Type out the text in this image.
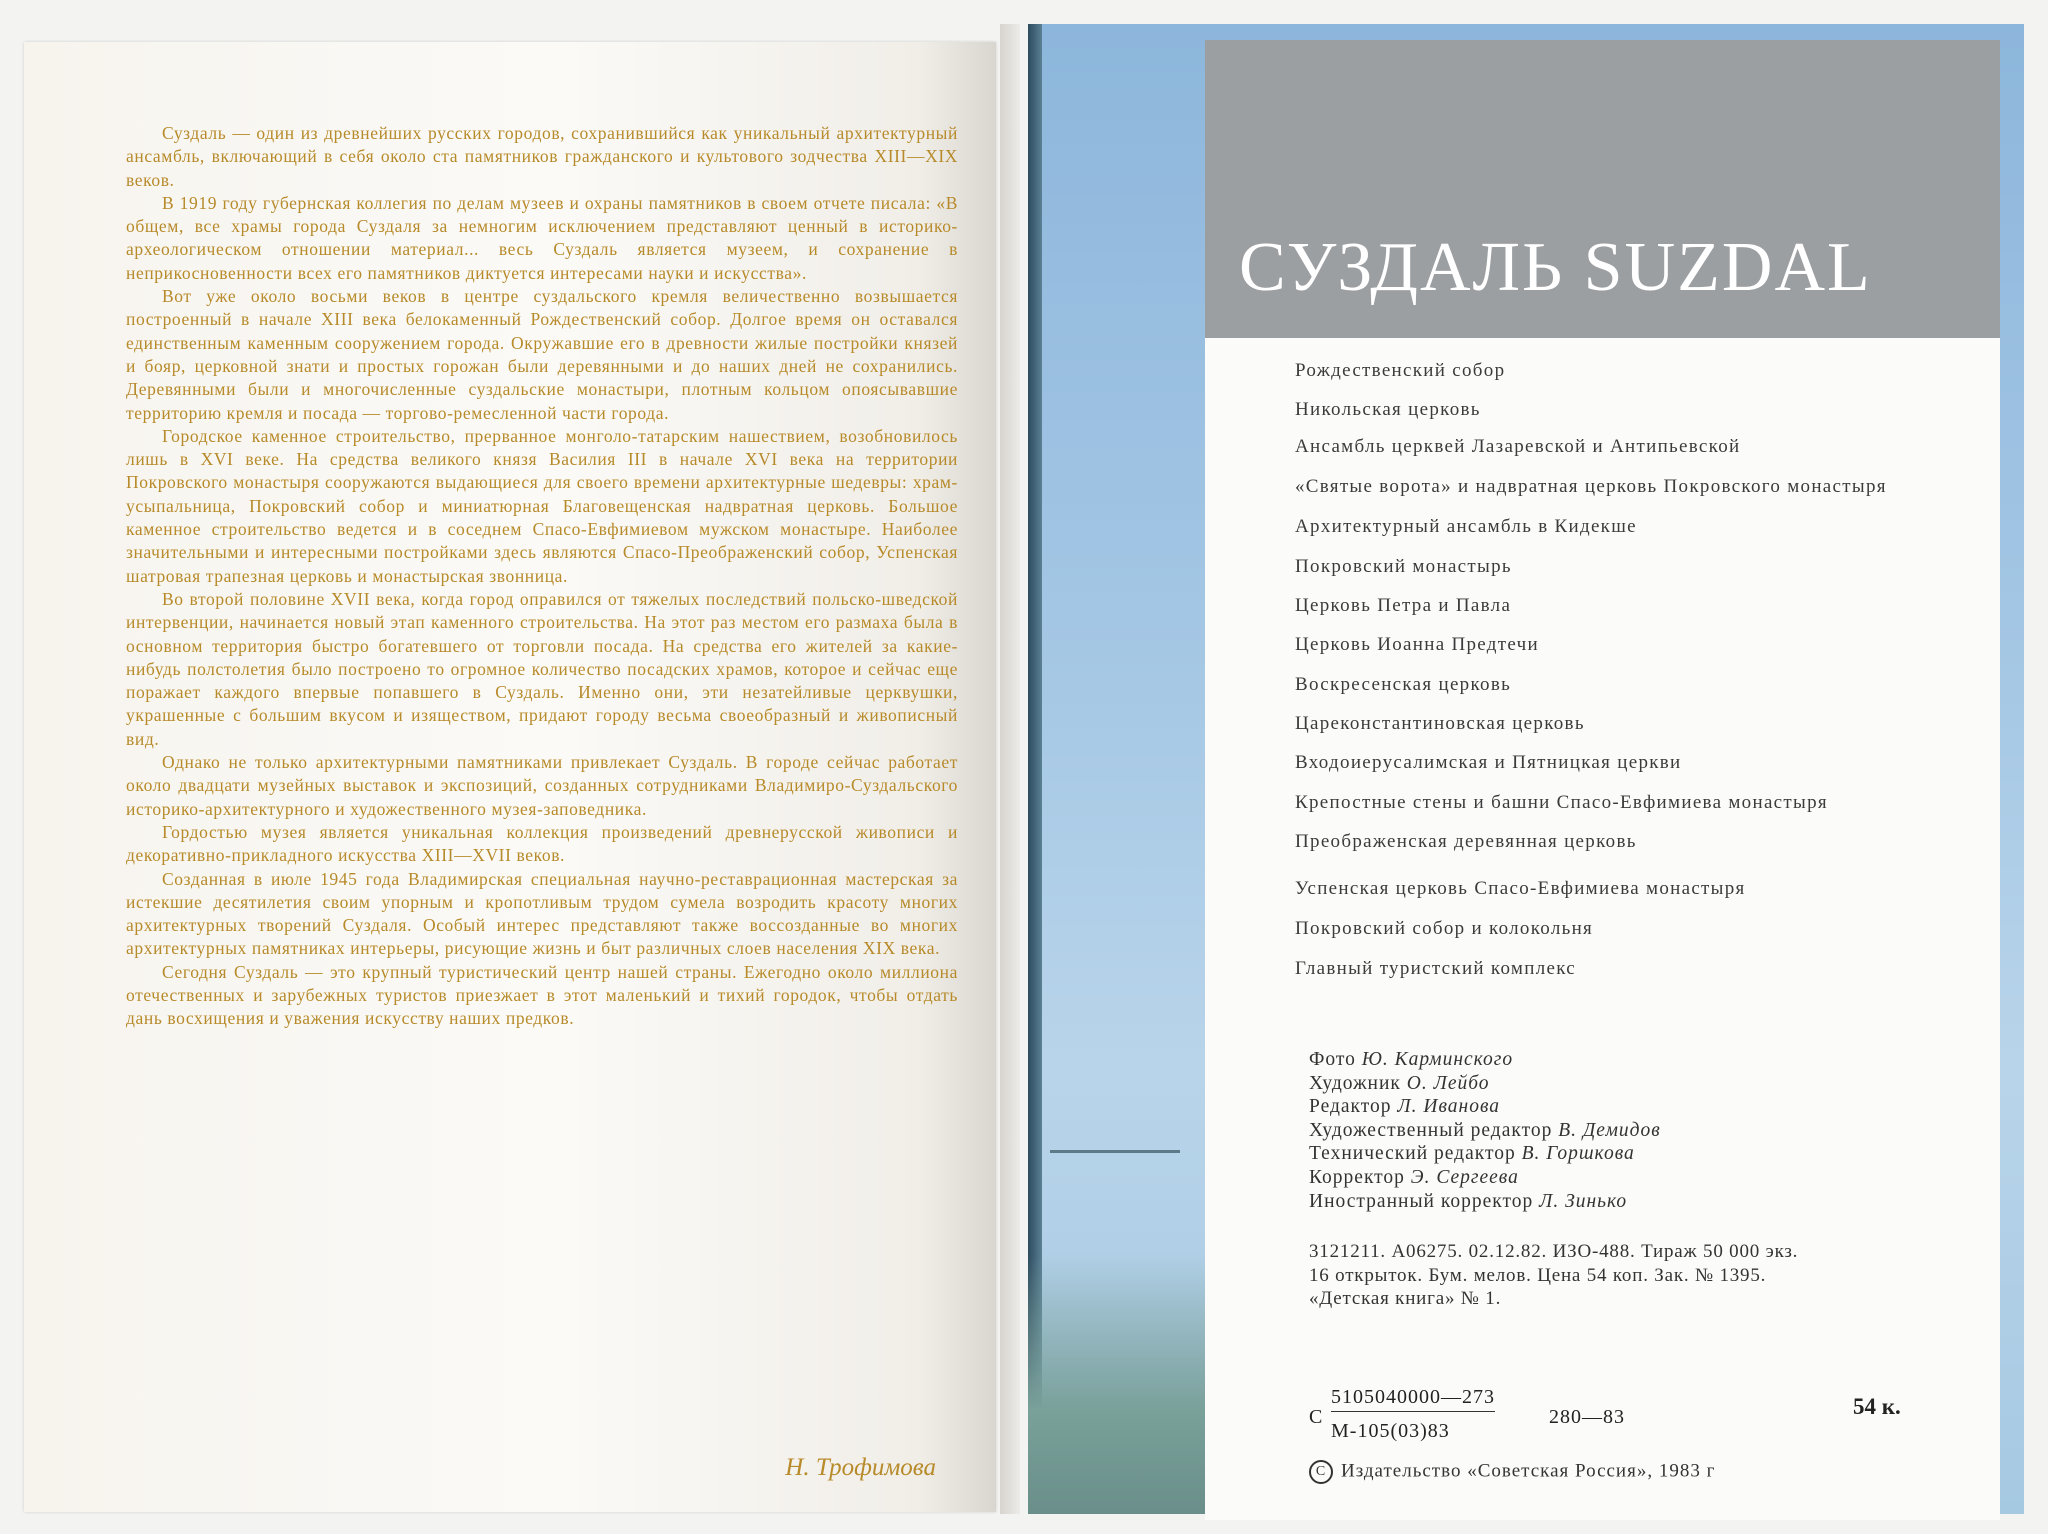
Суздаль — один из древнейших русских городов, сохранившийся как уникальный архитектурный ансамбль, включающий в себя около ста памятников гражданского и культового зодчества XIII—XIX веков.

В 1919 году губернская коллегия по делам музеев и охраны памятников в своем отчете писала: «В общем, все храмы города Суздаля за немногим исключением представляют ценный в историко-археологическом отношении материал... весь Суздаль является музеем, и сохранение в неприкосновенности всех его памятников диктуется интересами науки и искусства».

Вот уже около восьми веков в центре суздальского кремля величественно возвышается построенный в начале XIII века белокаменный Рождественский собор. Долгое время он оставался единственным каменным сооружением города. Окружавшие его в древности жилые постройки князей и бояр, церковной знати и простых горожан были деревянными и до наших дней не сохранились. Деревянными были и многочисленные суздальские монастыри, плотным кольцом опоясывавшие территорию кремля и посада — торгово-ремесленной части города.

Городское каменное строительство, прерванное монголо-татарским нашествием, возобновилось лишь в XVI веке. На средства великого князя Василия III в начале XVI века на территории Покровского монастыря сооружаются выдающиеся для своего времени архитектурные шедевры: храм-усыпальница, Покровский собор и миниатюрная Благовещенская надвратная церковь. Большое каменное строительство ведется и в соседнем Спасо-Евфимиевом мужском монастыре. Наиболее значительными и интересными постройками здесь являются Спасо-Преображенский собор, Успенская шатровая трапезная церковь и монастырская звонница.

Во второй половине XVII века, когда город оправился от тяжелых последствий польско-шведской интервенции, начинается новый этап каменного строительства. На этот раз местом его размаха была в основном территория быстро богатевшего от торговли посада. На средства его жителей за какие-нибудь полстолетия было построено то огромное количество посадских храмов, которое и сейчас еще поражает каждого впервые попавшего в Суздаль. Именно они, эти незатейливые церквушки, украшенные с большим вкусом и изяществом, придают городу весьма своеобразный и живописный вид.

Однако не только архитектурными памятниками привлекает Суздаль. В городе сейчас работает около двадцати музейных выставок и экспозиций, созданных сотрудниками Владимиро-Суздальского историко-архитектурного и художественного музея-заповедника.

Гордостью музея является уникальная коллекция произведений древнерусской живописи и декоративно-прикладного искусства XIII—XVII веков.

Созданная в июле 1945 года Владимирская специальная научно-реставрационная мастерская за истекшие десятилетия своим упорным и кропотливым трудом сумела возродить красоту многих архитектурных творений Суздаля. Особый интерес представляют также воссозданные во многих архитектурных памятниках интерьеры, рисующие жизнь и быт различных слоев населения XIX века.

Сегодня Суздаль — это крупный туристический центр нашей страны. Ежегодно около миллиона отечественных и зарубежных туристов приезжает в этот маленький и тихий городок, чтобы отдать дань восхищения и уважения искусству наших предков.

Н. Трофимова
СУЗДАЛЬ SUZDAL
Рождественский собор
Никольская церковь
Ансамбль церквей Лазаревской и Антипьевской
«Святые ворота» и надвратная церковь Покровского монастыря
Архитектурный ансамбль в Кидекше
Покровский монастырь
Церковь Петра и Павла
Церковь Иоанна Предтечи
Воскресенская церковь
Цареконстантиновская церковь
Входоиерусалимская и Пятницкая церкви
Крепостные стены и башни Спасо-Евфимиева монастыря
Преображенская деревянная церковь
Успенская церковь Спасо-Евфимиева монастыря
Покровский собор и колокольня
Главный туристский комплекс
Фото Ю. Карминского
Художник О. Лейбо
Редактор Л. Иванова
Художественный редактор В. Демидов
Технический редактор В. Горшкова
Корректор Э. Сергеева
Иностранный корректор Л. Зинько
3121211. А06275. 02.12.82. ИЗО-488. Тираж 50 000 экз.
16 открыток. Бум. мелов. Цена 54 коп. Зак. № 1395.
«Детская книга» № 1.
С
5105040000—273
М-105(03)83
280—83	54 к.
С Издательство «Советская Россия», 1983 г
